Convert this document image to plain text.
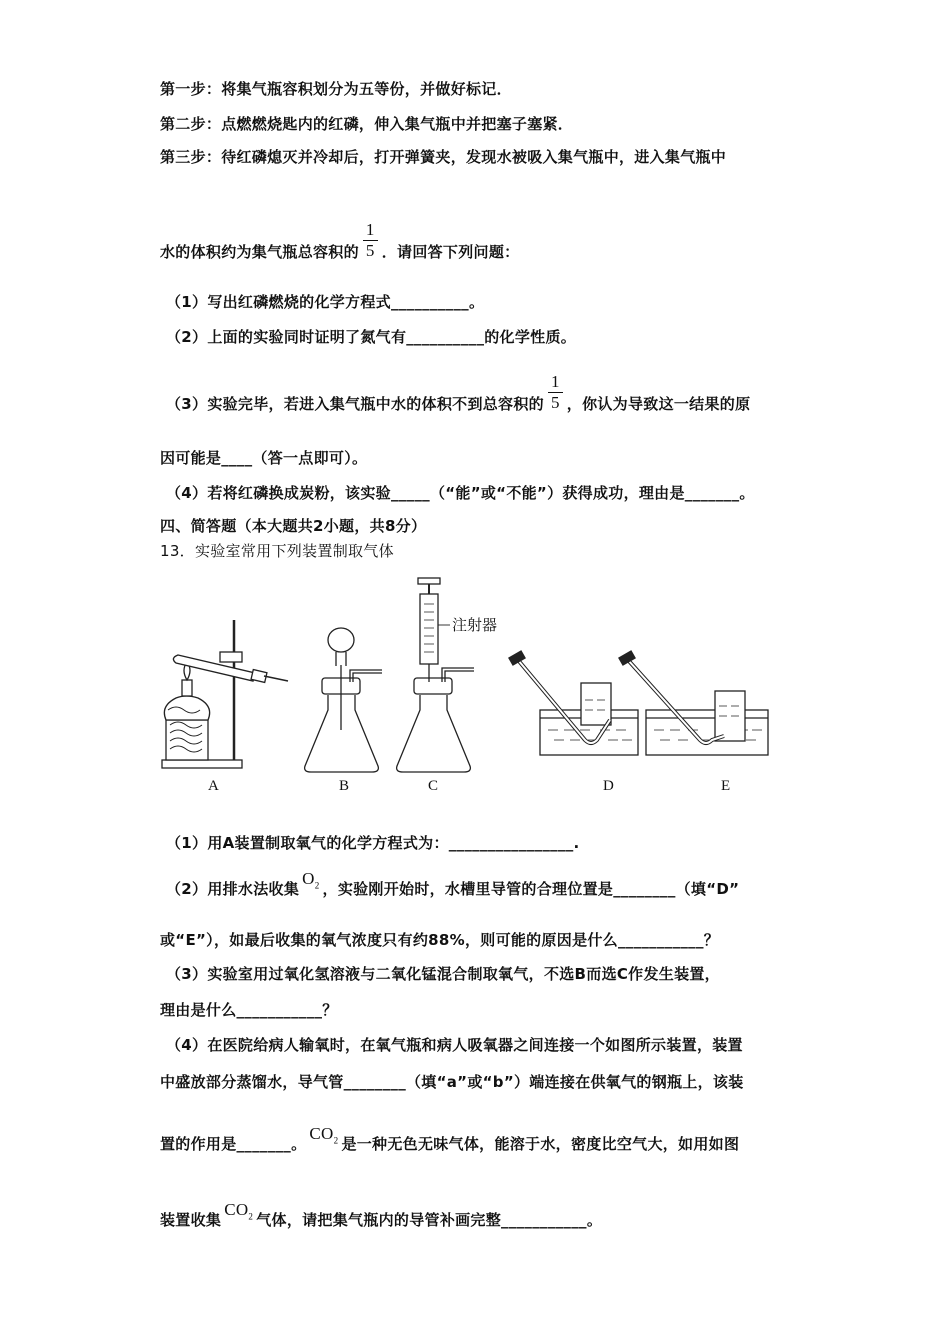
第一步：将集气瓶容积划分为五等份，并做好标记．
第二步：点燃燃烧匙内的红磷，伸入集气瓶中并把塞子塞紧．
第三步：待红磷熄灭并冷却后，打开弹簧夹，发现水被吸入集气瓶中，进入集气瓶中
水的体积约为集气瓶总容积的 $\frac{1}{5}$ ．请回答下列问题：
（1）写出红磷燃烧的化学方程式__________。
（2）上面的实验同时证明了氮气有__________的化学性质。
（3）实验完毕，若进入集气瓶中水的体积不到总容积的 $\frac{1}{5}$ ，你认为导致这一结果的原
因可能是____（答一点即可）。
（4）若将红磷换成炭粉，该实验_____（“能”或“不能”）获得成功，理由是_______。
四、简答题（本大题共2小题，共8分）
13．实验室常用下列装置制取气体
注射器
A	B	C	D	E
（1）用A装置制取氧气的化学方程式为：________________.
（2）用排水法收集$O_2$ ，实验刚开始时，水槽里导管的合理位置是________（填“D”
或“E”），如最后收集的氧气浓度只有约88%，则可能的原因是什么___________？
（3）实验室用过氧化氢溶液与二氧化锰混合制取氧气，不选B而选C作发生装置，
理由是什么___________？
（4）在医院给病人输氧时，在氧气瓶和病人吸氧器之间连接一个如图所示装置，装置
中盛放部分蒸馏水，导气管________（填“a”或“b”）端连接在供氧气的钢瓶上，该装
置的作用是_______。$CO_2$ 是一种无色无味气体，能溶于水，密度比空气大，如用如图
装置收集$CO_2$ 气体，请把集气瓶内的导管补画完整___________。
